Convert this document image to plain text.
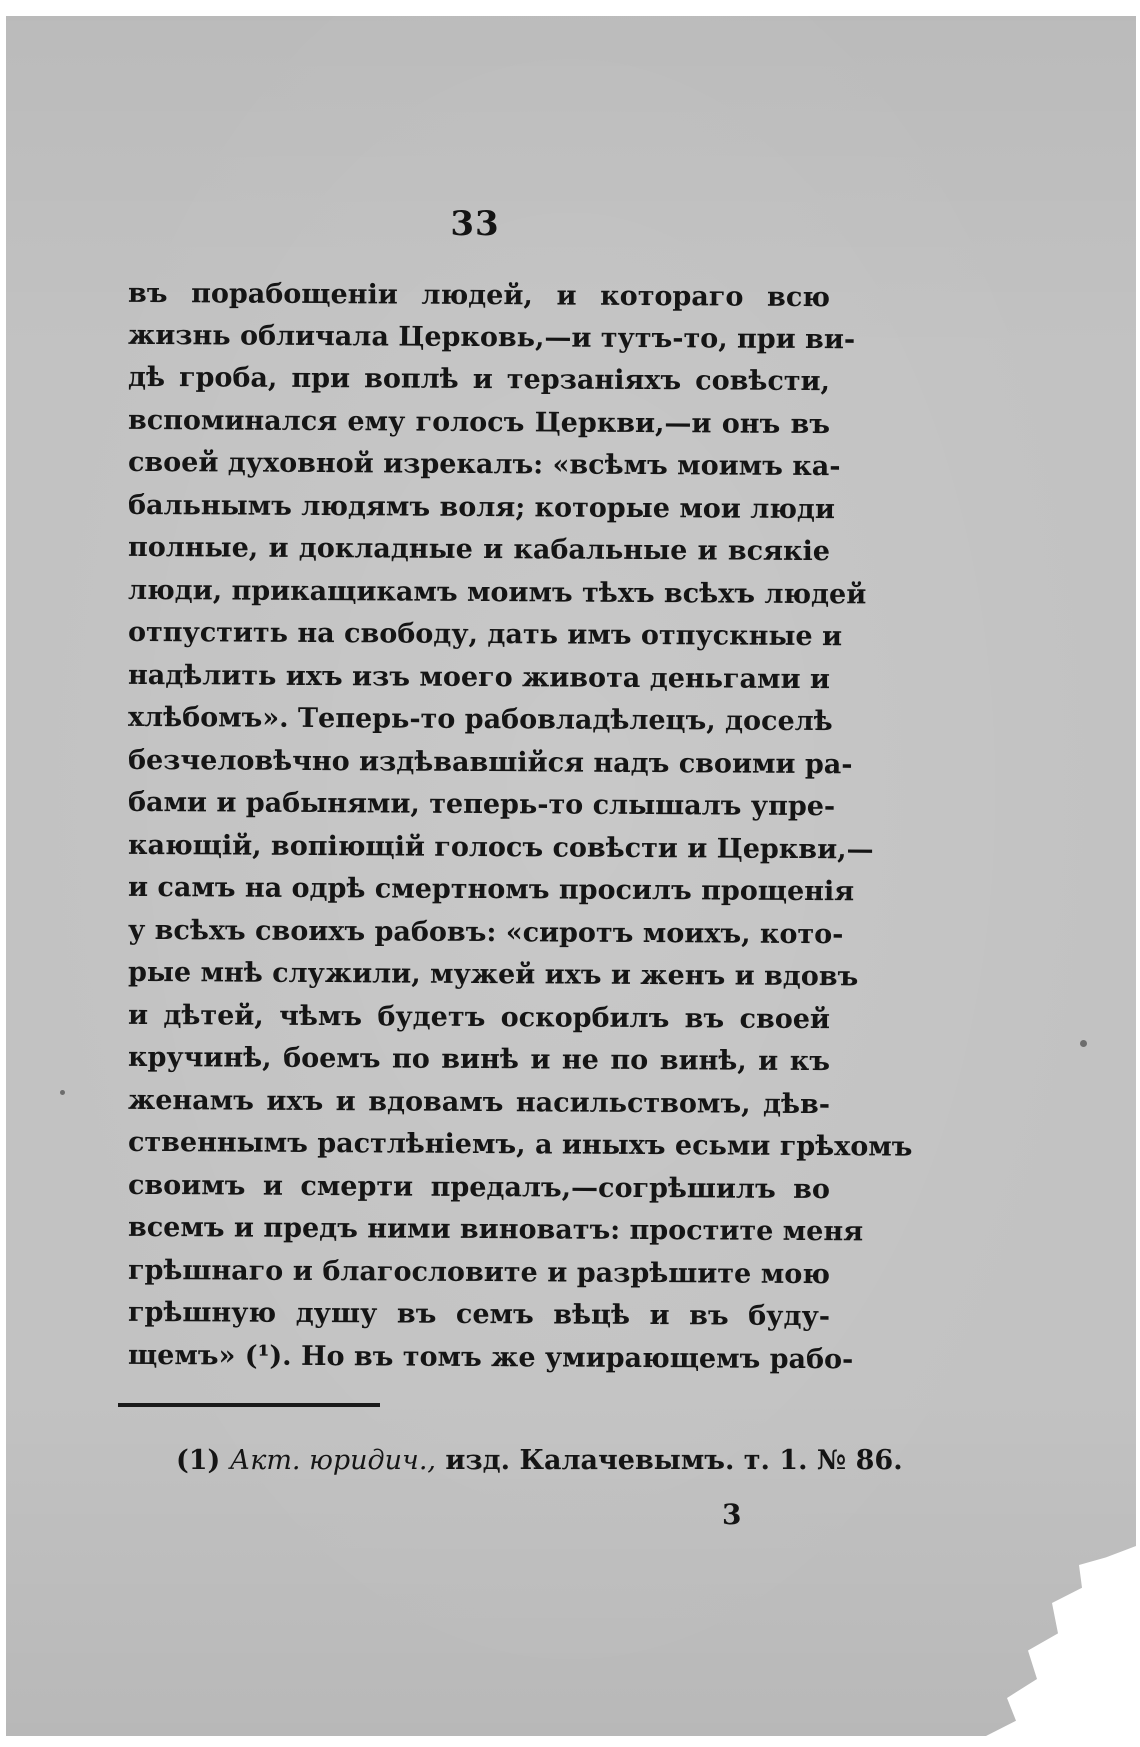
33
въ порабощеніи людей, и котораго всю
жизнь обличала Церковь,—и тутъ-то, при ви-
дѣ гроба, при воплѣ и терзаніяхъ совѣсти,
вспоминался ему голосъ Церкви,—и онъ въ
своей духовной изрекалъ: «всѣмъ моимъ ка-
бальнымъ людямъ воля; которые мои люди
полные, и докладные и кабальные и всякіе
люди, прикащикамъ моимъ тѣхъ всѣхъ людей
отпустить на свободу, дать имъ отпускные и
надѣлить ихъ изъ моего живота деньгами и
хлѣбомъ». Теперь-то рабовладѣлецъ, доселѣ
безчеловѣчно издѣвавшійся надъ своими ра-
бами и рабынями, теперь-то слышалъ упре-
кающій, вопіющій голосъ совѣсти и Церкви,—
и самъ на одрѣ смертномъ просилъ прощенія
у всѣхъ своихъ рабовъ: «сиротъ моихъ, кото-
рые мнѣ служили, мужей ихъ и женъ и вдовъ
и дѣтей, чѣмъ будетъ оскорбилъ въ своей
кручинѣ, боемъ по винѣ и не по винѣ, и къ
женамъ ихъ и вдовамъ насильствомъ, дѣв-
ственнымъ растлѣніемъ, а иныхъ есьми грѣхомъ
своимъ и смерти предалъ,—согрѣшилъ во
всемъ и предъ ними виноватъ: простите меня
грѣшнаго и благословите и разрѣшите мою
грѣшную душу въ семъ вѣцѣ и въ буду-
щемъ» (¹). Но въ томъ же умирающемъ рабо-
(1) Акт. юридич., изд. Калачевымъ. т. 1. № 86.
3
